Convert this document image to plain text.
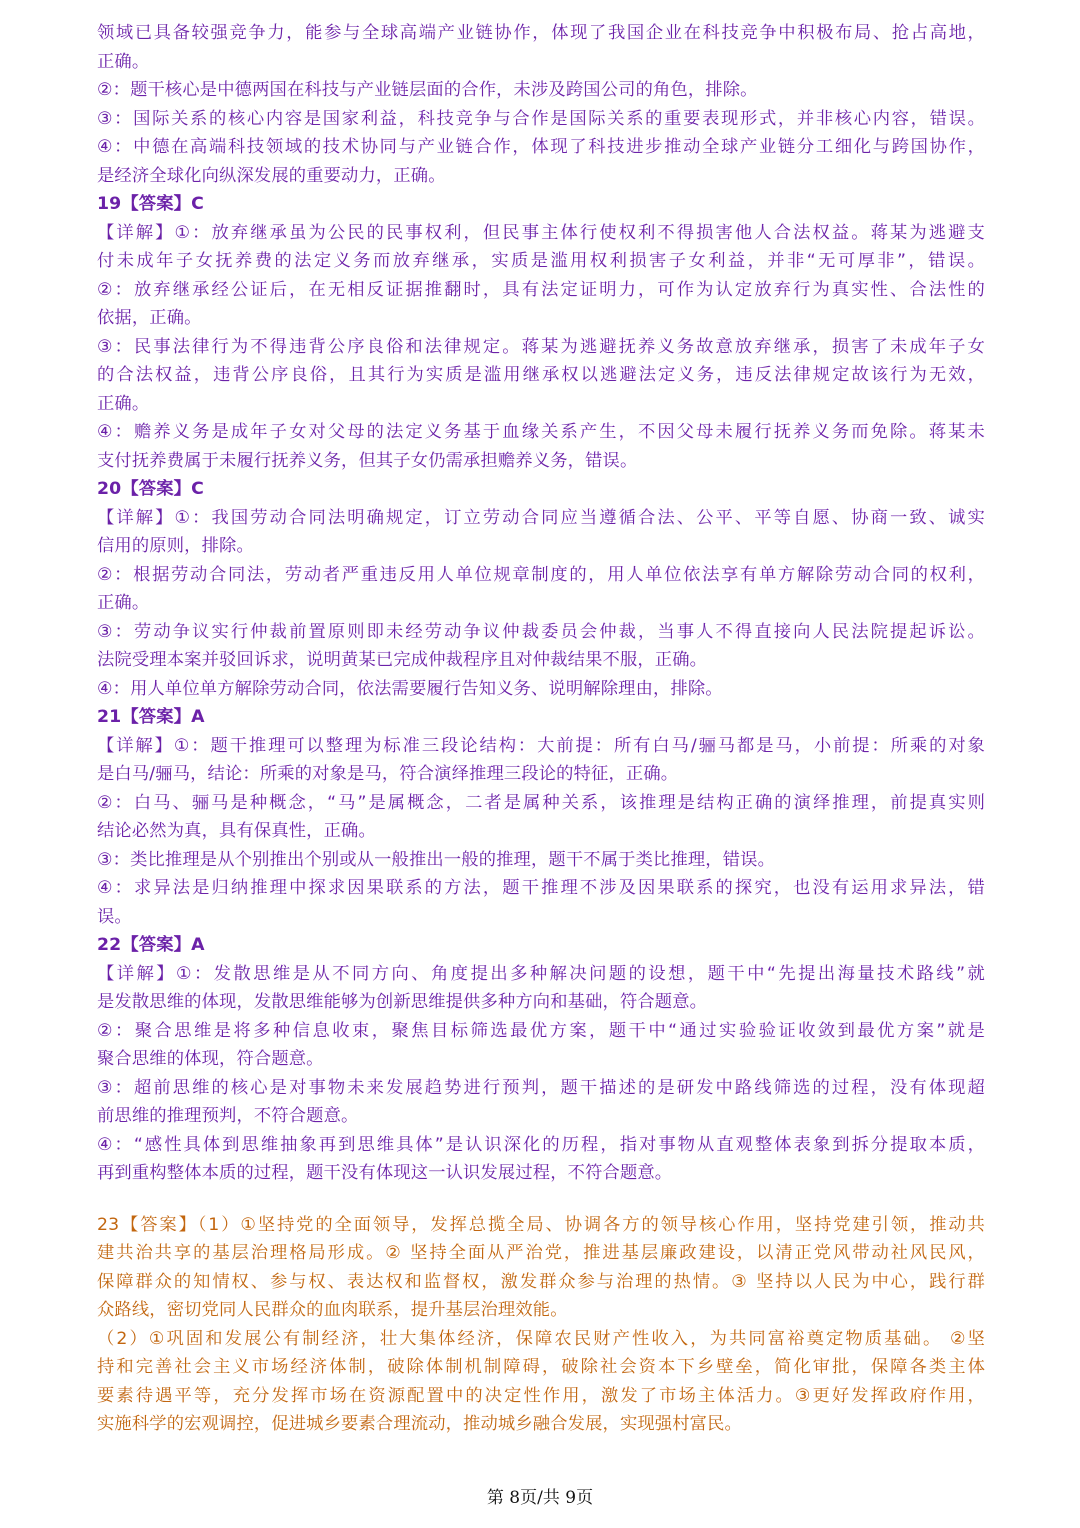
领域已具备较强竞争力，能参与全球高端产业链协作，体现了我国企业在科技竞争中积极布局、抢占高地，
正确。
②：题干核心是中德两国在科技与产业链层面的合作，未涉及跨国公司的角色，排除。
③：国际关系的核心内容是国家利益，科技竞争与合作是国际关系的重要表现形式，并非核心内容，错误。
④：中德在高端科技领域的技术协同与产业链合作，体现了科技进步推动全球产业链分工细化与跨国协作，
是经济全球化向纵深发展的重要动力，正确。
19【答案】C
【详解】①：放弃继承虽为公民的民事权利，但民事主体行使权利不得损害他人合法权益。蒋某为逃避支
付未成年子女抚养费的法定义务而放弃继承，实质是滥用权利损害子女利益，并非“无可厚非”，错误。
②：放弃继承经公证后，在无相反证据推翻时，具有法定证明力，可作为认定放弃行为真实性、合法性的
依据，正确。
③：民事法律行为不得违背公序良俗和法律规定。蒋某为逃避抚养义务故意放弃继承，损害了未成年子女
的合法权益，违背公序良俗，且其行为实质是滥用继承权以逃避法定义务，违反法律规定故该行为无效，
正确。
④：赡养义务是成年子女对父母的法定义务基于血缘关系产生，不因父母未履行抚养义务而免除。蒋某未
支付抚养费属于未履行抚养义务，但其子女仍需承担赡养义务，错误。
20【答案】C
【详解】①：我国劳动合同法明确规定，订立劳动合同应当遵循合法、公平、平等自愿、协商一致、诚实
信用的原则，排除。
②：根据劳动合同法，劳动者严重违反用人单位规章制度的，用人单位依法享有单方解除劳动合同的权利，
正确。
③：劳动争议实行仲裁前置原则即未经劳动争议仲裁委员会仲裁，当事人不得直接向人民法院提起诉讼。
法院受理本案并驳回诉求，说明黄某已完成仲裁程序且对仲裁结果不服，正确。
④：用人单位单方解除劳动合同，依法需要履行告知义务、说明解除理由，排除。
21【答案】A
【详解】①：题干推理可以整理为标准三段论结构：大前提：所有白马/骊马都是马，小前提：所乘的对象
是白马/骊马，结论：所乘的对象是马，符合演绎推理三段论的特征，正确。
②：白马、骊马是种概念，“马”是属概念，二者是属种关系，该推理是结构正确的演绎推理，前提真实则
结论必然为真，具有保真性，正确。
③：类比推理是从个别推出个别或从一般推出一般的推理，题干不属于类比推理，错误。
④：求异法是归纳推理中探求因果联系的方法，题干推理不涉及因果联系的探究，也没有运用求异法，错
误。
22【答案】A
【详解】①：发散思维是从不同方向、角度提出多种解决问题的设想，题干中“先提出海量技术路线”就
是发散思维的体现，发散思维能够为创新思维提供多种方向和基础，符合题意。
②：聚合思维是将多种信息收束，聚焦目标筛选最优方案，题干中“通过实验验证收敛到最优方案”就是
聚合思维的体现，符合题意。
③：超前思维的核心是对事物未来发展趋势进行预判，题干描述的是研发中路线筛选的过程，没有体现超
前思维的推理预判，不符合题意。
④：“感性具体到思维抽象再到思维具体”是认识深化的历程，指对事物从直观整体表象到拆分提取本质，
再到重构整体本质的过程，题干没有体现这一认识发展过程，不符合题意。
23【答案】（1）①坚持党的全面领导，发挥总揽全局、协调各方的领导核心作用，坚持党建引领，推动共
建共治共享的基层治理格局形成。② 坚持全面从严治党，推进基层廉政建设，以清正党风带动社风民风，
保障群众的知情权、参与权、表达权和监督权，激发群众参与治理的热情。③ 坚持以人民为中心，践行群
众路线，密切党同人民群众的血肉联系，提升基层治理效能。
（2）①巩固和发展公有制经济，壮大集体经济，保障农民财产性收入，为共同富裕奠定物质基础。 ②坚
持和完善社会主义市场经济体制，破除体制机制障碍，破除社会资本下乡壁垒，简化审批，保障各类主体
要素待遇平等，充分发挥市场在资源配置中的决定性作用，激发了市场主体活力。③更好发挥政府作用，
实施科学的宏观调控，促进城乡要素合理流动，推动城乡融合发展，实现强村富民。
第 8页/共 9页
